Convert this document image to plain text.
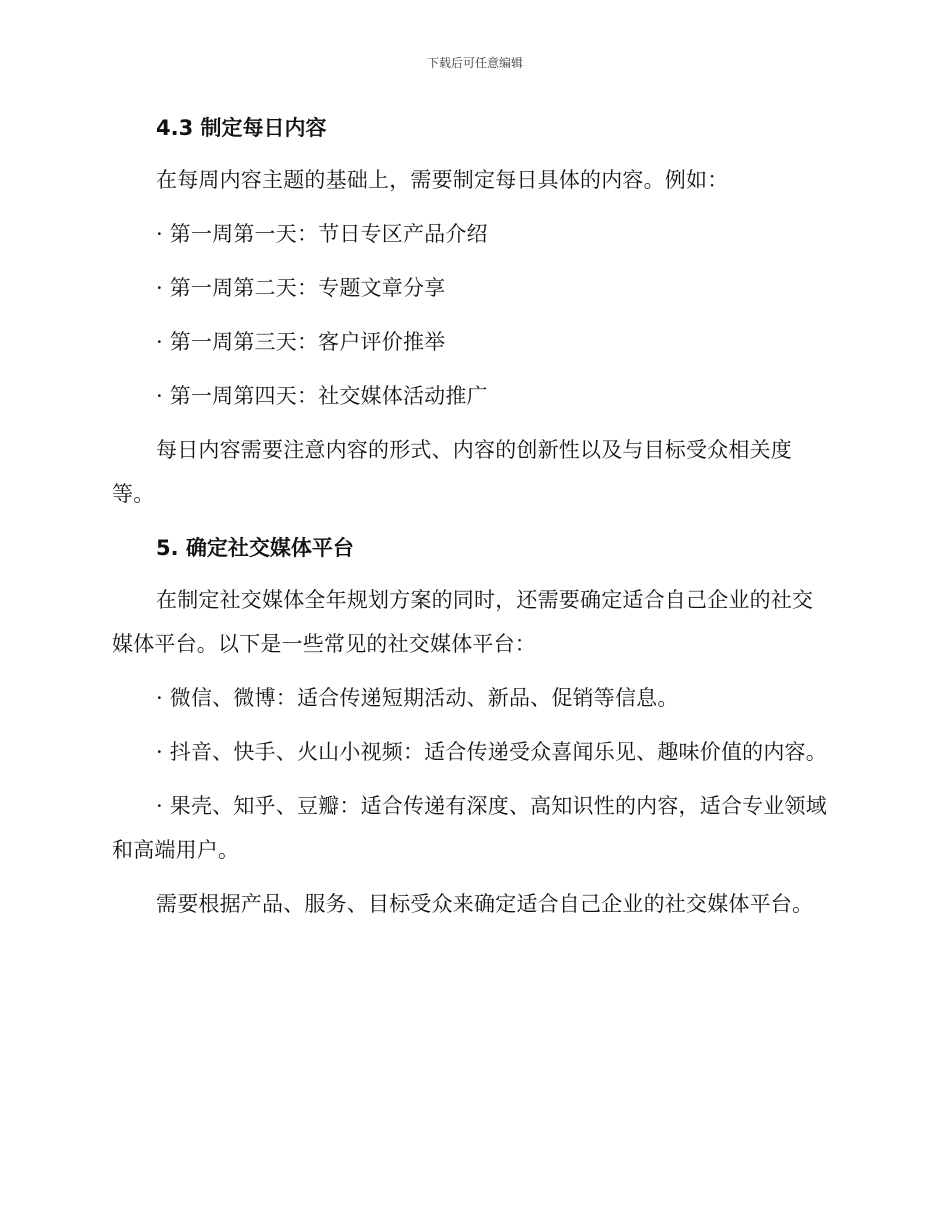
下载后可任意编辑
4.3 制定每日内容

在每周内容主题的基础上，需要制定每日具体的内容。例如：

· 第一周第一天：节日专区产品介绍

· 第一周第二天：专题文章分享

· 第一周第三天：客户评价推举

· 第一周第四天：社交媒体活动推广

每日内容需要注意内容的形式、内容的创新性以及与目标受众相关度等。

5. 确定社交媒体平台

在制定社交媒体全年规划方案的同时，还需要确定适合自己企业的社交媒体平台。以下是一些常见的社交媒体平台：

· 微信、微博：适合传递短期活动、新品、促销等信息。

· 抖音、快手、火山小视频：适合传递受众喜闻乐见、趣味价值的内容。

· 果壳、知乎、豆瓣：适合传递有深度、高知识性的内容，适合专业领域和高端用户。

需要根据产品、服务、目标受众来确定适合自己企业的社交媒体平台。
